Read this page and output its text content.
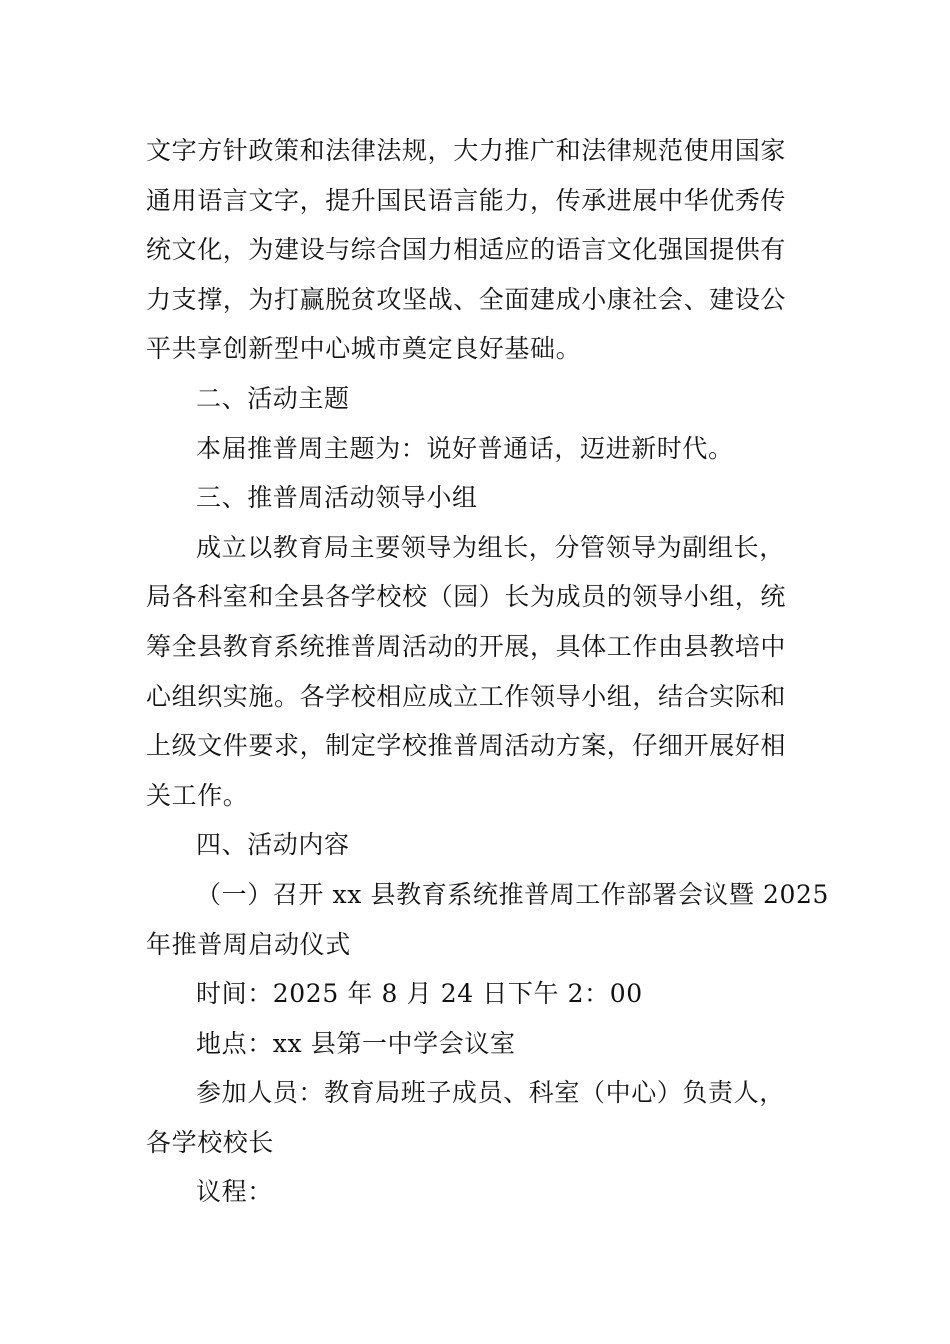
文字方针政策和法律法规，大力推广和法律规范使用国家
通用语言文字，提升国民语言能力，传承进展中华优秀传
统文化，为建设与综合国力相适应的语言文化强国提供有
力支撑，为打赢脱贫攻坚战、全面建成小康社会、建设公
平共享创新型中心城市奠定良好基础。
二、活动主题
本届推普周主题为：说好普通话，迈进新时代。
三、推普周活动领导小组
成立以教育局主要领导为组长，分管领导为副组长，
局各科室和全县各学校校（园）长为成员的领导小组，统
筹全县教育系统推普周活动的开展，具体工作由县教培中
心组织实施。各学校相应成立工作领导小组，结合实际和
上级文件要求，制定学校推普周活动方案，仔细开展好相
关工作。
四、活动内容
（一）召开 xx 县教育系统推普周工作部署会议暨 2025
年推普周启动仪式
时间：2025 年 8 月 24 日下午 2：00
地点：xx 县第一中学会议室
参加人员：教育局班子成员、科室（中心）负责人，
各学校校长
议程：
